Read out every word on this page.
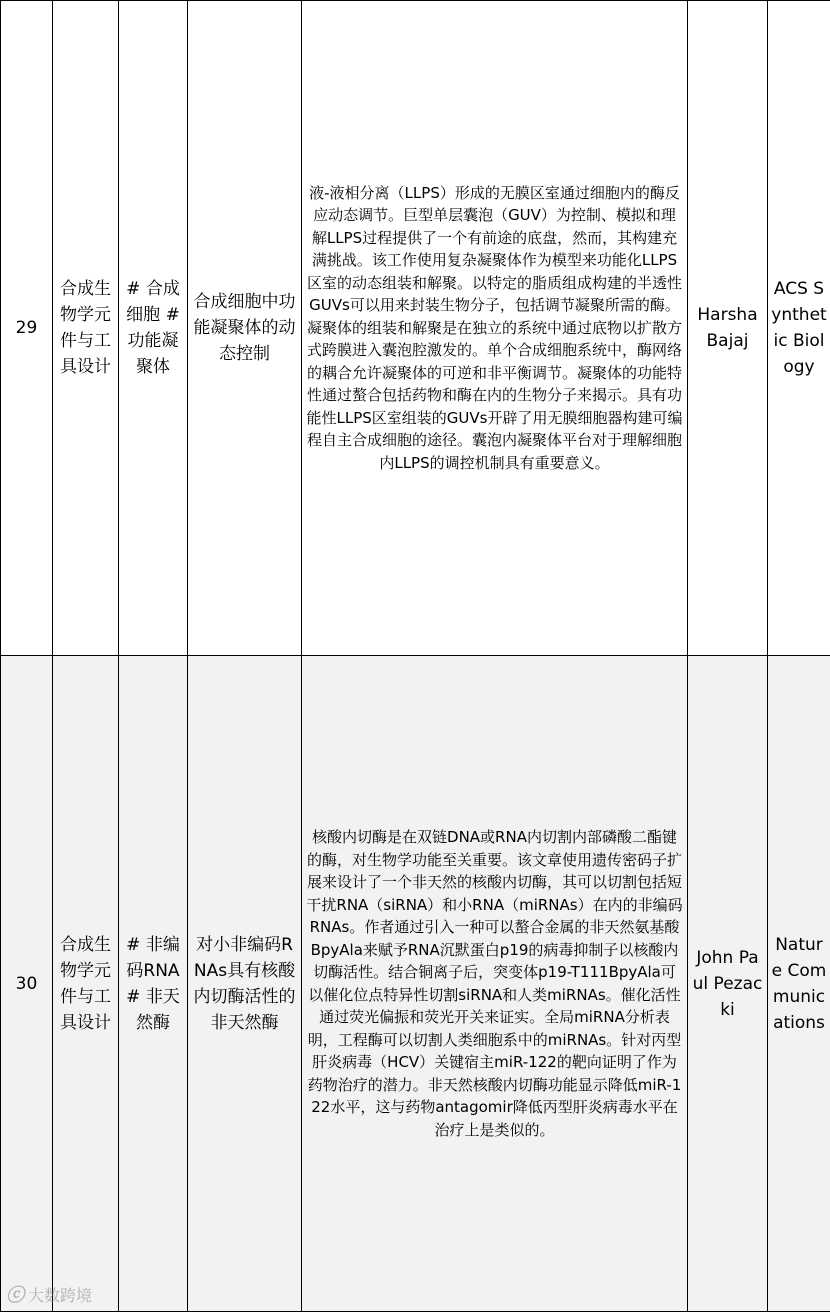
29	合成生物学元件与工具设计	# 合成细胞 # 功能凝聚体	合成细胞中功能凝聚体的动态控制	液-液相分离（LLPS）形成的无膜区室通过细胞内的酶反应动态调节。巨型单层囊泡（GUV）为控制、模拟和理解LLPS过程提供了一个有前途的底盘，然而，其构建充满挑战。该工作使用复杂凝聚体作为模型来功能化LLPS区室的动态组装和解聚。以特定的脂质组成构建的半透性GUVs可以用来封装生物分子，包括调节凝聚所需的酶。凝聚体的组装和解聚是在独立的系统中通过底物以扩散方式跨膜进入囊泡腔激发的。单个合成细胞系统中，酶网络的耦合允许凝聚体的可逆和非平衡调节。凝聚体的功能特性通过螯合包括药物和酶在内的生物分子来揭示。具有功能性LLPS区室组装的GUVs开辟了用无膜细胞器构建可编程自主合成细胞的途径。囊泡内凝聚体平台对于理解细胞内LLPS的调控机制具有重要意义。	Harsha Bajaj	ACS Synthetic Biology
30	合成生物学元件与工具设计	# 非编码RNA # 非天然酶	对小非编码RNAs具有核酸内切酶活性的非天然酶	核酸内切酶是在双链DNA或RNA内切割内部磷酸二酯键的酶，对生物学功能至关重要。该文章使用遗传密码子扩展来设计了一个非天然的核酸内切酶，其可以切割包括短干扰RNA（siRNA）和小RNA（miRNAs）在内的非编码RNAs。作者通过引入一种可以螯合金属的非天然氨基酸BpyAla来赋予RNA沉默蛋白p19的病毒抑制子以核酸内切酶活性。结合铜离子后，突变体p19-T111BpyAla可以催化位点特异性切割siRNA和人类miRNAs。催化活性通过荧光偏振和荧光开关来证实。全局miRNA分析表明，工程酶可以切割人类细胞系中的miRNAs。针对丙型肝炎病毒（HCV）关键宿主miR-122的靶向证明了作为药物治疗的潜力。非天然核酸内切酶功能显示降低miR-122水平，这与药物antagomir降低丙型肝炎病毒水平在治疗上是类似的。	John Paul Pezacki	Nature Communications
ⓒ 大数跨境
